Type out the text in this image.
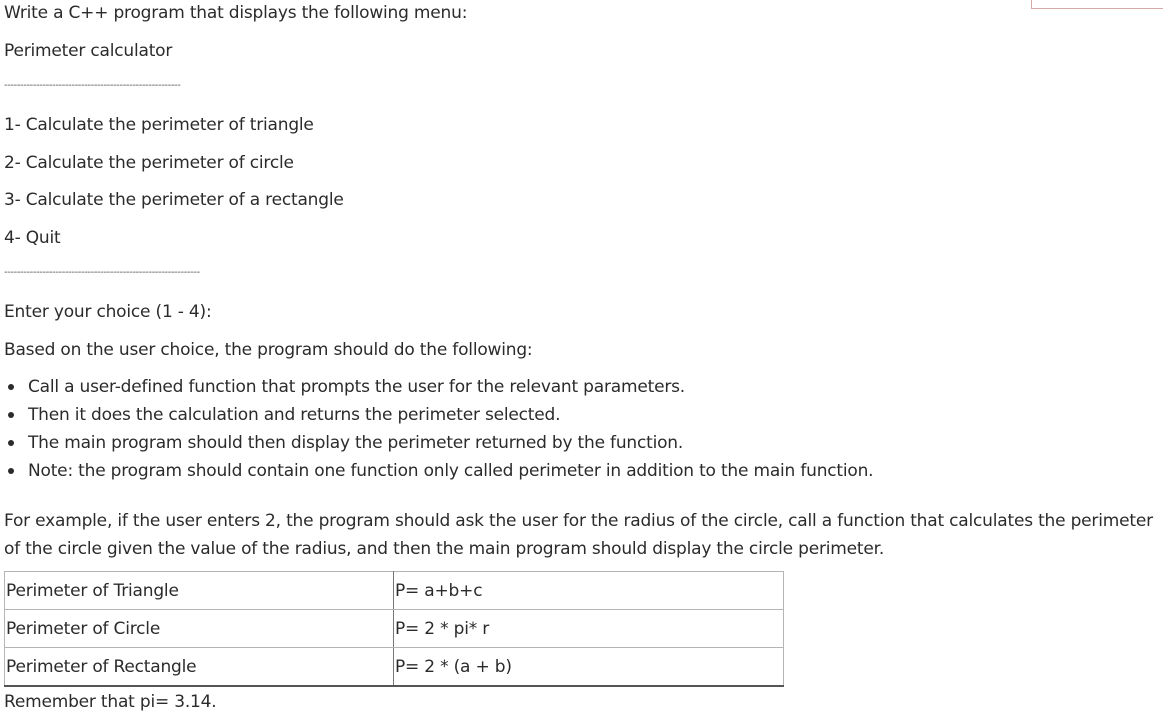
Write a C++ program that displays the following menu:
Perimeter calculator
-------------------------------------------------------
1- Calculate the perimeter of triangle
2- Calculate the perimeter of circle
3- Calculate the perimeter of a rectangle
4- Quit
-------------------------------------------------------------
Enter your choice (1 - 4):
Based on the user choice, the program should do the following:
Call a user-defined function that prompts the user for the relevant parameters.
Then it does the calculation and returns the perimeter selected.
The main program should then display the perimeter returned by the function.
Note: the program should contain one function only called perimeter in addition to the main function.
For example, if the user enters 2, the program should ask the user for the radius of the circle, call a function that calculates the perimeter of the circle given the value of the radius, and then the main program should display the circle perimeter.
Perimeter of Triangle	P= a+b+c
Perimeter of Circle	P= 2 * pi* r
Perimeter of Rectangle	P= 2 * (a + b)
Remember that pi= 3.14.
